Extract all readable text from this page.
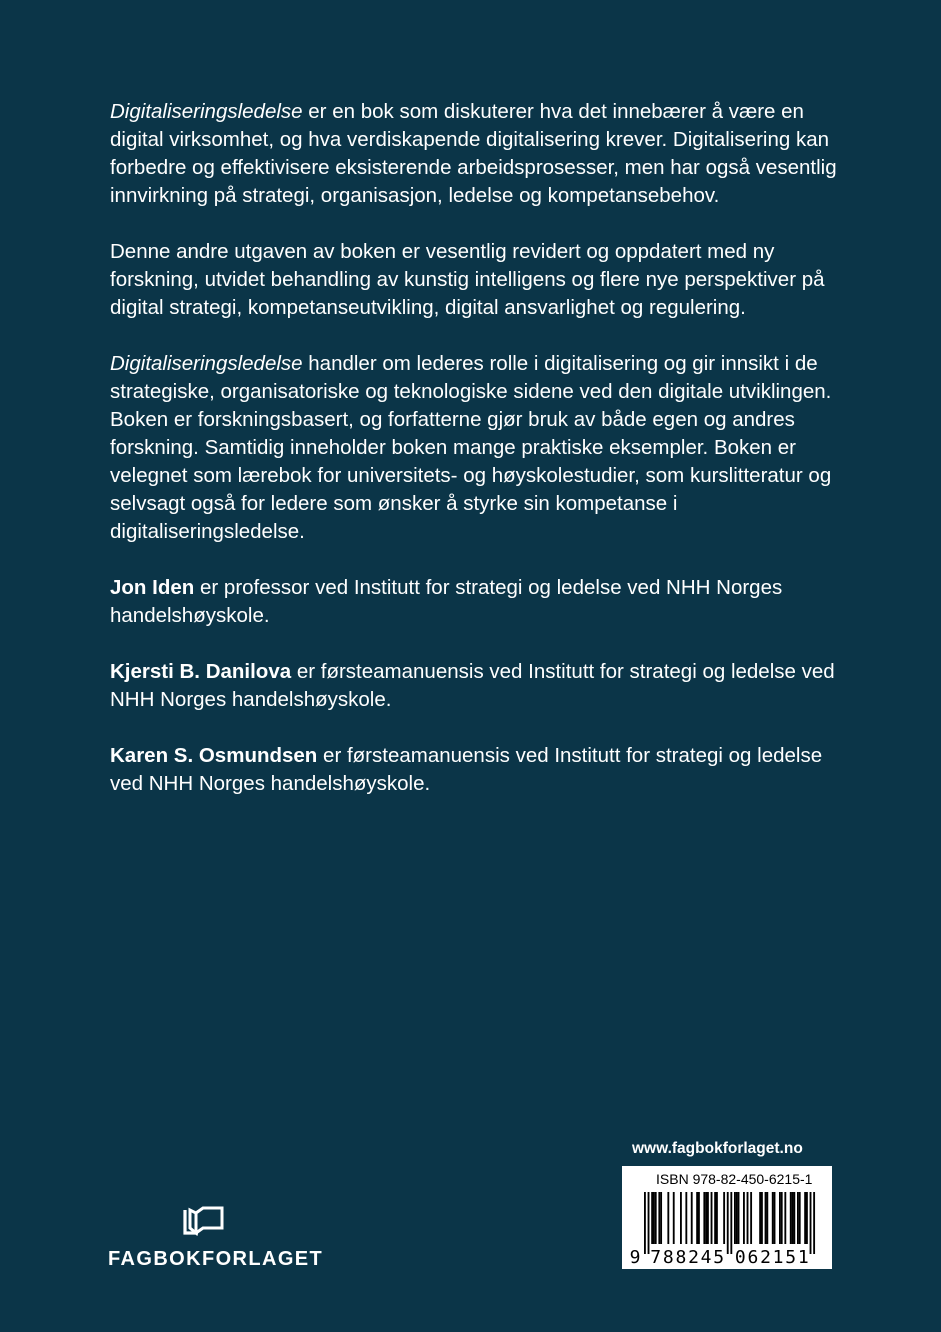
Digitaliseringsledelse er en bok som diskuterer hva det innebærer å være en digital virksomhet, og hva verdiskapende digitalisering krever. Digitalisering kan forbedre og effektivisere eksisterende arbeidsprosesser, men har også vesentlig innvirkning på strategi, organisasjon, ledelse og kompetansebehov.

Denne andre utgaven av boken er vesentlig revidert og oppdatert med ny forskning, utvidet behandling av kunstig intelligens og flere nye perspektiver på digital strategi, kompetanseutvikling, digital ansvarlighet og regulering.

Digitaliseringsledelse handler om lederes rolle i digitalisering og gir innsikt i de strategiske, organisatoriske og teknologiske sidene ved den digitale utviklingen. Boken er forskningsbasert, og forfatterne gjør bruk av både egen og andres forskning. Samtidig inneholder boken mange praktiske eksempler. Boken er velegnet som lærebok for universitets- og høyskolestudier, som kurslitteratur og selvsagt også for ledere som ønsker å styrke sin kompetanse i digitaliseringsledelse.

Jon Iden er professor ved Institutt for strategi og ledelse ved NHH Norges handelshøyskole.

Kjersti B. Danilova er førsteamanuensis ved Institutt for strategi og ledelse ved NHH Norges handelshøyskole.

Karen S. Osmundsen er førsteamanuensis ved Institutt for strategi og ledelse ved NHH Norges handelshøyskole.

FAGBOKFORLAGET
www.fagbokforlaget.no
ISBN 978-82-450-6215-1
9 7 8 8 2 4 5 0 6 2 1 5 1
